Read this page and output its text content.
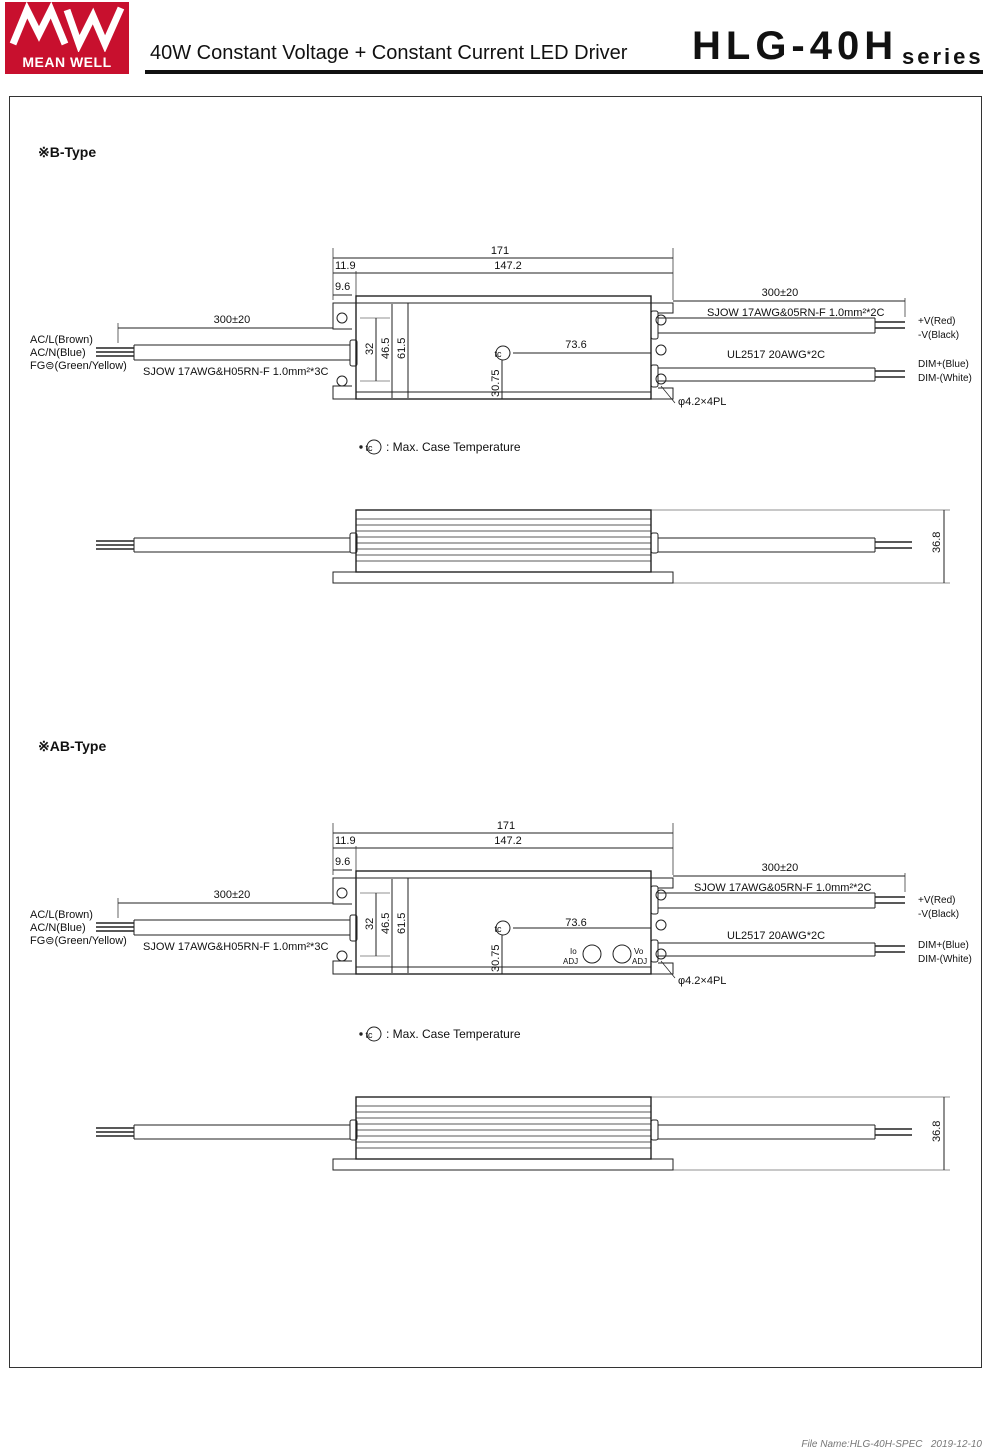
MEAN WELL	40W Constant Voltage + Constant Current LED Driver HLG-40H series
※B-Type
※AB-Type
171
11.9	147.2
9.6	300±20
300±20
AC/L(Brown)
AC/N(Blue)
FG⊜(Green/Yellow) SJOW 17AWG&H05RN-F 1.0mm²*3C
SJOW 17AWG&05RN-F 1.0mm²*2C
UL2517 20AWG*2C
+V(Red)
-V(Black)
DIM+(Blue)
DIM-(White)
73.6
tc
φ4.2×4PL
tc : Max. Case Temperature
32 46.5 61.5
30.75
36.8
171
11.9	147.2
9.6	300±20
300±20
AC/L(Brown)
AC/N(Blue)
FG⊜(Green/Yellow) SJOW 17AWG&H05RN-F 1.0mm²*3C
SJOW 17AWG&05RN-F 1.0mm²*2C
UL2517 20AWG*2C
+V(Red)
-V(Black)
DIM+(Blue)
DIM-(White)
73.6
tc
Io
ADJ
Vo
ADJ
φ4.2×4PL
tc : Max. Case Temperature
32 46.5 61.5
30.75
36.8
File Name:HLG-40H-SPEC 2019-12-10
